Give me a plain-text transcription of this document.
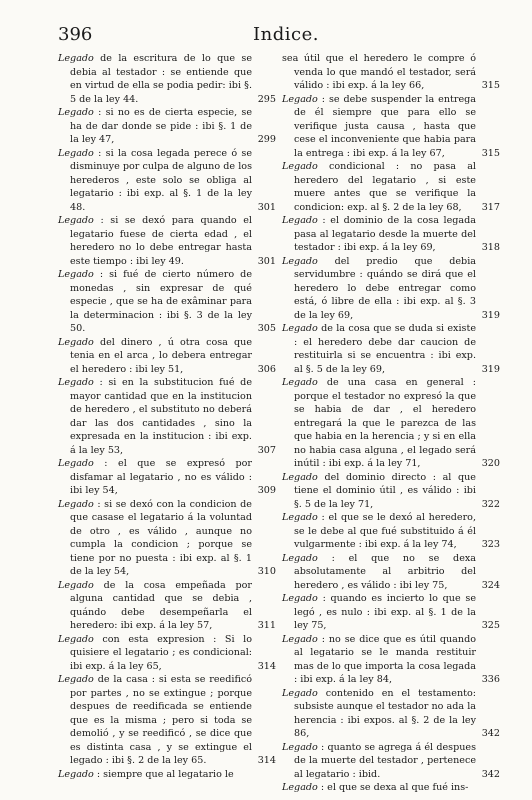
396	Indice.

Legado de la escritura de lo que se debia al testador : se entiende que en virtud de ella se podia pedir: ibi §. 5 de la ley 44.	295

Legado : si no es de cierta especie, se ha de dar donde se pide : ibi §. 1 de la ley 47,	299

Legado : si la cosa legada perece ó se disminuye por culpa de alguno de los herederos , este solo se obliga al legatario : ibi exp. al §. 1 de la ley 48.	301

Legado : si se dexó para quando el legatario fuese de cierta edad , el heredero no lo debe entregar hasta este tiempo : ibi ley 49.	301

Legado : si fué de cierto número de monedas , sin expresar de qué especie , que se ha de exâminar para la determinacion : ibi §. 3 de la ley 50.	305

Legado del dinero , ú otra cosa que tenia en el arca , lo debera entregar el heredero : ibi ley 51,	306

Legado : si en la substitucion fué de mayor cantidad que en la institucion de heredero , el substituto no deberá dar las dos cantidades , sino la expresada en la institucion : ibi exp. á la ley 53,	307

Legado : el que se expresó por disfamar al legatario , no es válido : ibi ley 54,	309

Legado : si se dexó con la condicion de que casase el legatario á la voluntad de otro , es válido , aunque no cumpla la condicion ; porque se tiene por no puesta : ibi exp. al §. 1 de la ley 54,	310

Legado de la cosa empeñada por alguna cantidad que se debia , quándo debe desempeñarla el heredero: ibi exp. á la ley 57,	311

Legado con esta expresion : Si lo quisiere el legatario ; es condicional: ibi exp. á la ley 65,	314

Legado de la casa : si esta se reedificó por partes , no se extingue ; porque despues de reedificada se entiende que es la misma ; pero si toda se demolió , y se reedificó , se dice que es distinta casa , y se extingue el legado : ibi §. 2 de la ley 65.	314

Legado : siempre que al legatario le

sea útil que el heredero le compre ó venda lo que mandó el testador, será válido : ibi exp. á la ley 66,	315

Legado : se debe suspender la entrega de él siempre que para ello se verifique justa causa , hasta que cese el inconveniente que habia para la entrega : ibi exp. á la ley 67,	315

Legado condicional : no pasa al heredero del legatario , si este muere antes que se verifique la condicion: exp. al §. 2 de la ley 68,	317

Legado : el dominio de la cosa legada pasa al legatario desde la muerte del testador : ibi exp. á la ley 69,	318

Legado del predio que debia servidumbre : quándo se dirá que el heredero lo debe entregar como está, ó libre de ella : ibi exp. al §. 3 de la ley 69,	319

Legado de la cosa que se duda si existe : el heredero debe dar caucion de restituirla si se encuentra : ibi exp. al §. 5 de la ley 69,	319

Legado de una casa en general : porque el testador no expresó la que se habia de dar , el heredero entregará la que le parezca de las que habia en la herencia ; y si en ella no habia casa alguna , el legado será inútil : ibi exp. á la ley 71,	320

Legado del dominio directo : al que tiene el dominio útil , es válido : ibi §. 5 de la ley 71,	322

Legado : el que se le dexó al heredero, se le debe al que fué substituido á él vulgarmente : ibi exp. á la ley 74,	323

Legado : el que no se dexa absolutamente al arbitrio del heredero , es válido : ibi ley 75,	324

Legado : quando es incierto lo que se legó , es nulo : ibi exp. al §. 1 de la ley 75,	325

Legado : no se dice que es útil quando al legatario se le manda restituir mas de lo que importa la cosa legada : ibi exp. á la ley 84,	336

Legado contenido en el testamento: subsiste aunque el testador no ada la herencia : ibi expos. al §. 2 de la ley 86,	342

Legado : quanto se agrega á él despues de la muerte del testador , pertenece al legatario : ibid.	342

Legado : el que se dexa al que fué ins-
